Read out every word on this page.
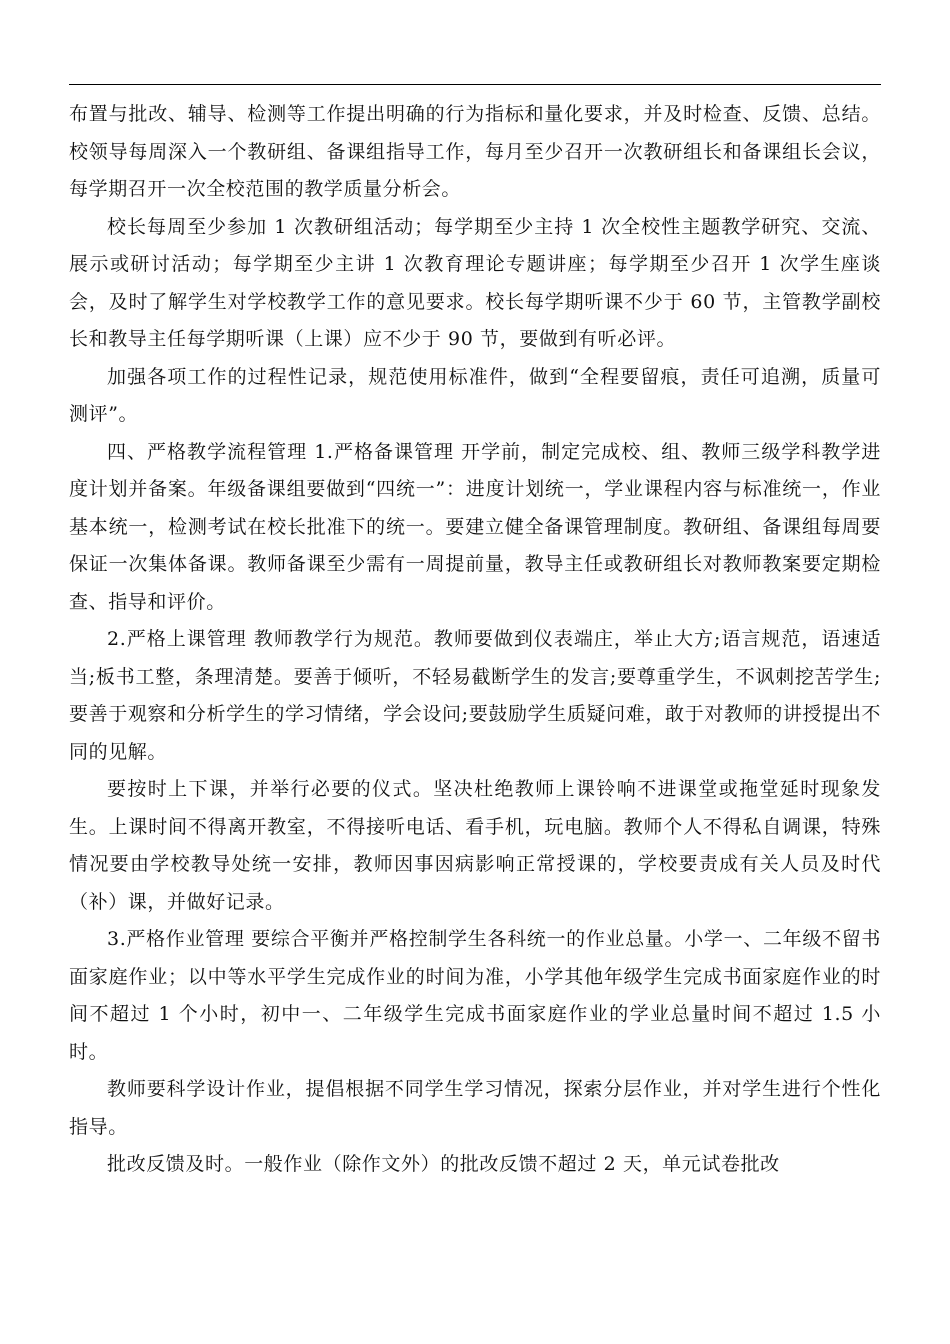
布置与批改、辅导、检测等工作提出明确的行为指标和量化要求，并及时检查、反馈、总结。校领导每周深入一个教研组、备课组指导工作，每月至少召开一次教研组长和备课组长会议，每学期召开一次全校范围的教学质量分析会。

校长每周至少参加 1 次教研组活动；每学期至少主持 1 次全校性主题教学研究、交流、展示或研讨活动；每学期至少主讲 1 次教育理论专题讲座；每学期至少召开 1 次学生座谈会，及时了解学生对学校教学工作的意见要求。校长每学期听课不少于 60 节，主管教学副校长和教导主任每学期听课（上课）应不少于 90 节，要做到有听必评。

加强各项工作的过程性记录，规范使用标准件，做到“全程要留痕，责任可追溯，质量可测评”。

四、严格教学流程管理 1.严格备课管理 开学前，制定完成校、组、教师三级学科教学进度计划并备案。年级备课组要做到“四统一”：进度计划统一，学业课程内容与标准统一，作业基本统一，检测考试在校长批准下的统一。要建立健全备课管理制度。教研组、备课组每周要保证一次集体备课。教师备课至少需有一周提前量，教导主任或教研组长对教师教案要定期检查、指导和评价。

2.严格上课管理 教师教学行为规范。教师要做到仪表端庄，举止大方;语言规范，语速适当;板书工整，条理清楚。要善于倾听，不轻易截断学生的发言;要尊重学生，不讽刺挖苦学生;要善于观察和分析学生的学习情绪，学会设问;要鼓励学生质疑问难，敢于对教师的讲授提出不同的见解。

要按时上下课，并举行必要的仪式。坚决杜绝教师上课铃响不进课堂或拖堂延时现象发生。上课时间不得离开教室，不得接听电话、看手机，玩电脑。教师个人不得私自调课，特殊情况要由学校教导处统一安排，教师因事因病影响正常授课的，学校要责成有关人员及时代（补）课，并做好记录。

3.严格作业管理 要综合平衡并严格控制学生各科统一的作业总量。小学一、二年级不留书面家庭作业；以中等水平学生完成作业的时间为准，小学其他年级学生完成书面家庭作业的时间不超过 1 个小时，初中一、二年级学生完成书面家庭作业的学业总量时间不超过 1.5 小时。

教师要科学设计作业，提倡根据不同学生学习情况，探索分层作业，并对学生进行个性化指导。

批改反馈及时。一般作业（除作文外）的批改反馈不超过 2 天，单元试卷批改
